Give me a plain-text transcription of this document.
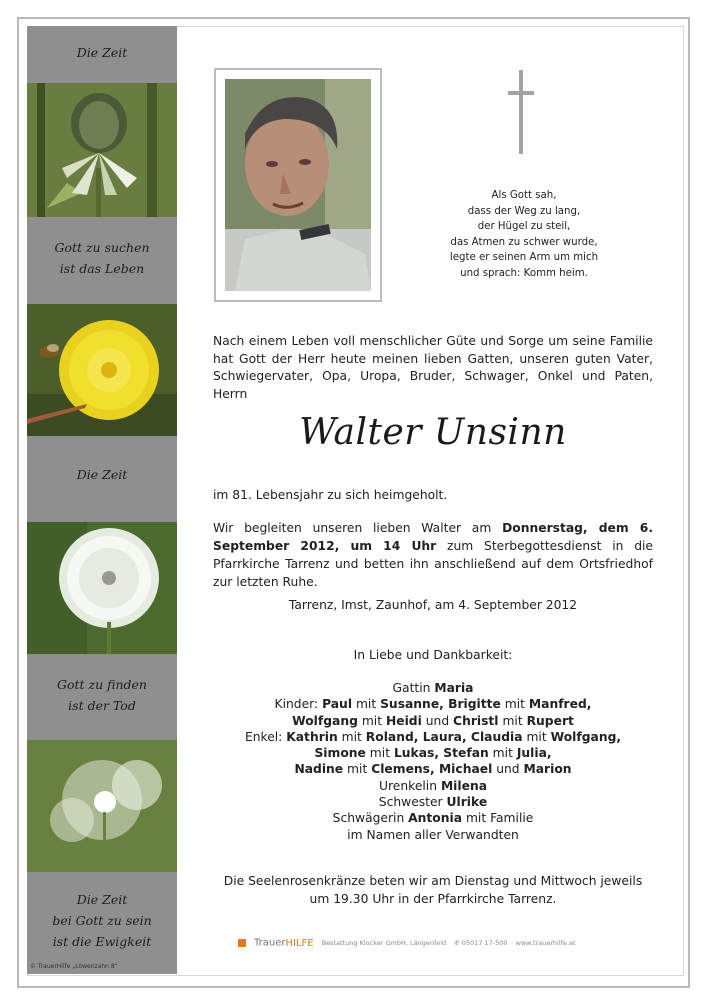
Die Zeit
Gott zu suchen
ist das Leben
Die Zeit
Gott zu finden
ist der Tod
Die Zeit
bei Gott zu sein
ist die Ewigkeit
© TrauerHilfe „Löwenzahn 8“
Als Gott sah,
dass der Weg zu lang,
der Hügel zu steil,
das Atmen zu schwer wurde,
legte er seinen Arm um mich
und sprach: Komm heim.
Nach einem Leben voll menschlicher Güte und Sorge um seine Familie hat Gott der Herr heute meinen lieben Gatten, unseren guten Vater, Schwiegervater, Opa, Uropa, Bruder, Schwager, Onkel und Paten, Herrn
Walter Unsinn
im 81. Lebensjahr zu sich heimgeholt.
Wir begleiten unseren lieben Walter am Donnerstag, dem 6. September 2012, um 14 Uhr zum Sterbegottesdienst in die Pfarrkirche Tarrenz und betten ihn anschließend auf dem Ortsfriedhof zur letzten Ruhe.
Tarrenz, Imst, Zaunhof, am 4. September 2012
In Liebe und Dankbarkeit:
Gattin Maria
Kinder: Paul mit Susanne, Brigitte mit Manfred,
Wolfgang mit Heidi und Christl mit Rupert
Enkel: Kathrin mit Roland, Laura, Claudia mit Wolfgang,
Simone mit Lukas, Stefan mit Julia,
Nadine mit Clemens, Michael und Marion
Urenkelin Milena
Schwester Ulrike
Schwägerin Antonia mit Familie
im Namen aller Verwandten
Die Seelenrosenkränze beten wir am Dienstag und Mittwoch jeweils
um 19.30 Uhr in der Pfarrkirche Tarrenz.
TrauerHILFE Bestattung Klocker GmbH, Längenfeld ✆ 05017 17-500 www.trauerhilfe.at
